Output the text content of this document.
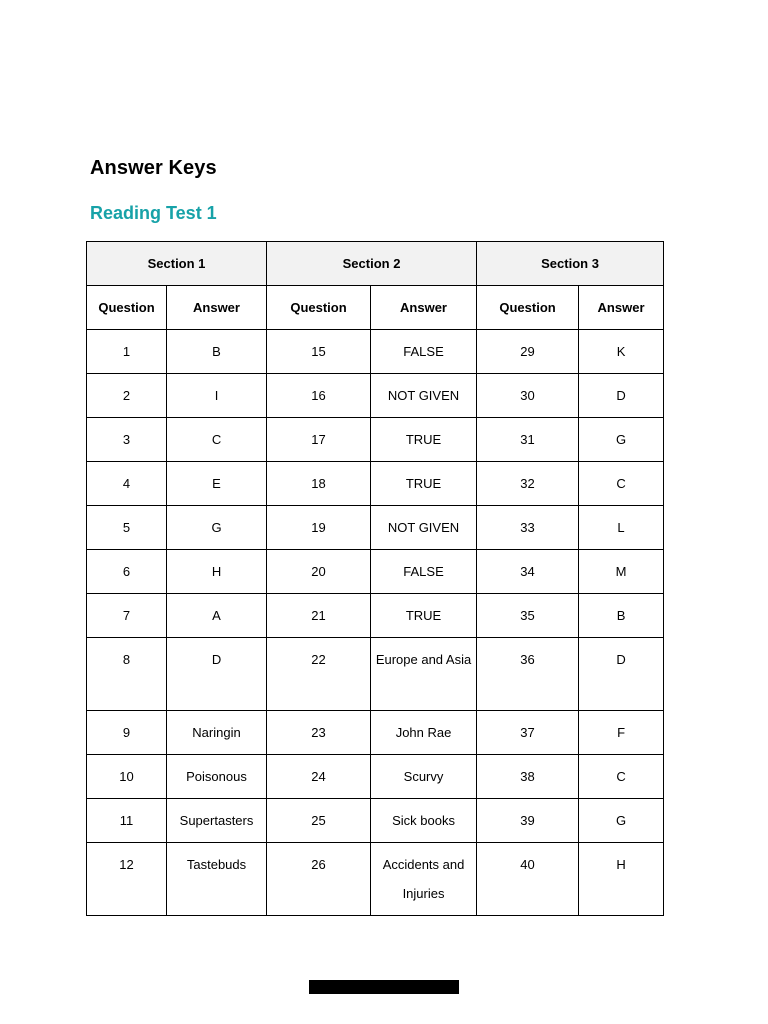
Answer Keys
Reading Test 1
Section 1		Section 2		Section 3	
Question	Answer	Question	Answer	Question	Answer

1	B	15	FALSE	29	K

2	I	16	NOT GIVEN	30	D

3	C	17	TRUE	31	G

4	E	18	TRUE	32	C

5	G	19	NOT GIVEN	33	L

6	H	20	FALSE	34	M

7	A	21	TRUE	35	B

8	D	22	Europe and Asia	36	D

9	Naringin	23	John Rae	37	F

10	Poisonous	24	Scurvy	38	C

11	Supertasters	25	Sick books	39	G

12	Tastebuds	26	Accidents and Injuries	40	H
